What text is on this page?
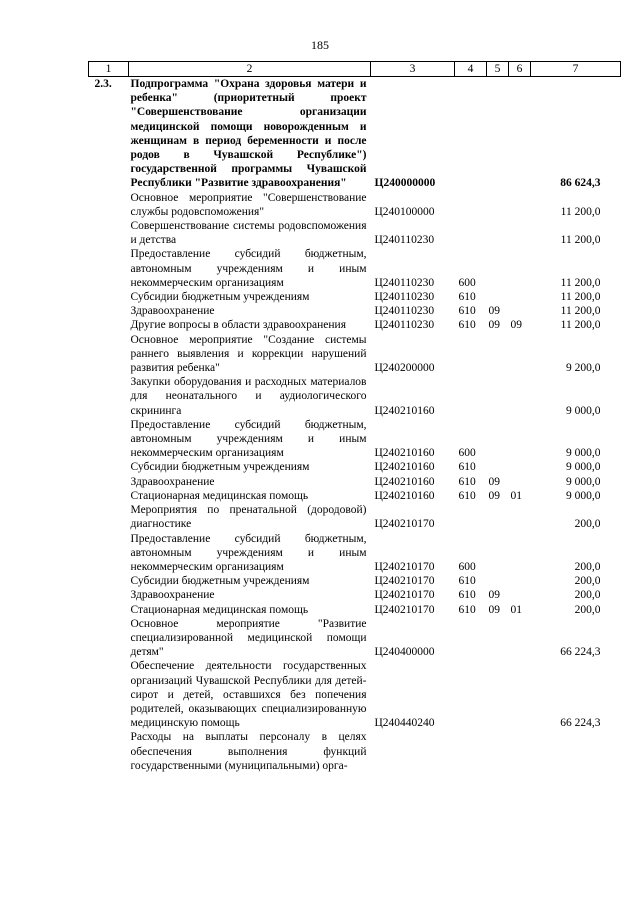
185
1	2	3	4	5	6	7
2.3.	Подпрограмма "Охрана здоровья матери и ребенка" (приоритетный проект "Совершенствование организации медицинской помощи новорожденным и женщинам в период беременности и после родов в Чувашской Республике") государственной программы Чувашской Республики "Развитие здравоохранения"	Ц240000000				86 624,3
	Основное мероприятие "Совершенствование службы родовспоможения"	Ц240100000				11 200,0
	Совершенствование системы родовспоможения и детства	Ц240110230				11 200,0
	Предоставление субсидий бюджетным, автономным учреждениям и иным некоммерческим организациям	Ц240110230	600			11 200,0
	Субсидии бюджетным учреждениям	Ц240110230	610			11 200,0
	Здравоохранение	Ц240110230	610	09		11 200,0
	Другие вопросы в области здравоохранения	Ц240110230	610	09	09	11 200,0
	Основное мероприятие "Создание системы раннего выявления и коррекции нарушений развития ребенка"	Ц240200000				9 200,0
	Закупки оборудования и расходных материалов для неонатального и аудиологического скрининга	Ц240210160				9 000,0
	Предоставление субсидий бюджетным, автономным учреждениям и иным некоммерческим организациям	Ц240210160	600			9 000,0
	Субсидии бюджетным учреждениям	Ц240210160	610			9 000,0
	Здравоохранение	Ц240210160	610	09		9 000,0
	Стационарная медицинская помощь	Ц240210160	610	09	01	9 000,0
	Мероприятия по пренатальной (дородовой) диагностике	Ц240210170				200,0
	Предоставление субсидий бюджетным, автономным учреждениям и иным некоммерческим организациям	Ц240210170	600			200,0
	Субсидии бюджетным учреждениям	Ц240210170	610			200,0
	Здравоохранение	Ц240210170	610	09		200,0
	Стационарная медицинская помощь	Ц240210170	610	09	01	200,0
	Основное мероприятие "Развитие специализированной медицинской помощи детям"	Ц240400000				66 224,3
	Обеспечение деятельности государственных организаций Чувашской Республики для детей-сирот и детей, оставшихся без попечения родителей, оказывающих специализированную медицинскую помощь	Ц240440240				66 224,3
	Расходы на выплаты персоналу в целях обеспечения выполнения функций государственными (муниципальными) орга-					
